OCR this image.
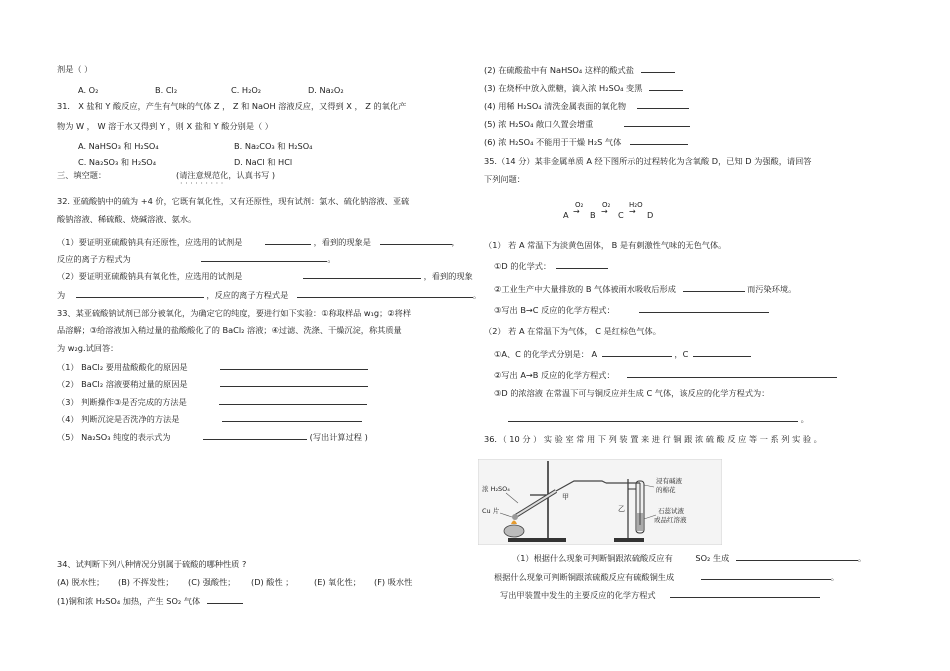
剂是（ ）
A. O₂	B. Cl₂	C. H₂O₂	D. Na₂O₂
31． X 盐和 Y 酸反应，产生有气味的气体 Z ， Z 和 NaOH 溶液反应，又得到 X ， Z 的氧化产
物为 W ， W 溶于水又得到 Y ，则 X 盐和 Y 酸分别是（ ）
A. NaHSO₃ 和 H₂SO₄	B. Na₂CO₃ 和 H₂SO₄
C. Na₂SO₃ 和 H₂SO₄	D. NaCl 和 HCl
三、填空题：	(请注意规范化，认真书写 )
· · · · · · · · ·
32. 亚硫酸钠中的硫为 +4 价，它既有氧化性，又有还原性，现有试剂：氯水、硫化钠溶液、亚硫
酸钠溶液、稀硫酸、烧碱溶液、氨水。
（1）要证明亚硫酸钠具有还原性，应选用的试剂是	，看到的现象是	，
反应的离子方程式为	。
（2）要证明亚硫酸钠具有氧化性，应选用的试剂是	，看到的现象
为	，反应的离子方程式是	。
33、某亚硫酸钠试剂已部分被氧化，为确定它的纯度，要进行如下实验：①称取样品 w₁g；②将样
品溶解；③给溶液加入稍过量的盐酸酸化了的 BaCl₂ 溶液；④过滤、洗涤、干燥沉淀，称其质量
为 w₂g.试回答：
（1） BaCl₂ 要用盐酸酸化的原因是
（2） BaCl₂ 溶液要稍过量的原因是
（3） 判断操作③是否完成的方法是
（4） 判断沉淀是否洗净的方法是
（5） Na₂SO₃ 纯度的表示式为	(写出计算过程 )
34、试判断下列八种情况分别属于硫酸的哪种性质 ?
(A) 脱水性； (B) 不挥发性； (C) 强酸性； (D) 酸性 ；	(E) 氧化性； (F) 吸水性
(1)铜和浓 H₂SO₄ 加热，产生 SO₂ 气体
(2) 在硫酸盐中有 NaHSO₄ 这样的酸式盐
(3) 在烧杯中放入蔗糖，滴入浓 H₂SO₄ 变黑
(4) 用稀 H₂SO₄ 清洗金属表面的氧化物
(5) 浓 H₂SO₄ 敞口久置会增重
(6) 浓 H₂SO₄ 不能用于干燥 H₂S 气体
35.（14 分）某非金属单质 A 经下图所示的过程转化为含氧酸 D，已知 D 为强酸，请回答
下列问题：
A
O₂
→ B
O₂
→ C
H₂O
→ D
（1） 若 A 常温下为淡黄色固体， B 是有刺激性气味的无色气体。
①D 的化学式：
②工业生产中大量排放的 B 气体被雨水吸收后形成	而污染环境。
③写出 B→C 反应的化学方程式：
（2） 若 A 在常温下为气体， C 是红棕色气体。
①A、C 的化学式分别是： A	，C
②写出 A→B 反应的化学方程式：
③D 的浓溶液 在常温下可与铜反应并生成 C 气体，该反应的化学方程式为：
。
36．（ 10 分 ） 实 验 室 常 用 下 列 装 置 来 进 行 铜 跟 浓 硫 酸 反 应 等 一 系 列 实 验 。
浓 H₂SO₄
Cu 片
甲
乙
浸有碱液
的棉花
石蕊试液
或品红溶液
（1）根据什么现象可判断铜跟浓硫酸反应有	SO₂ 生成	。
根据什么现象可判断铜跟浓硫酸反应有硫酸铜生成	。
写出甲装置中发生的主要反应的化学方程式
